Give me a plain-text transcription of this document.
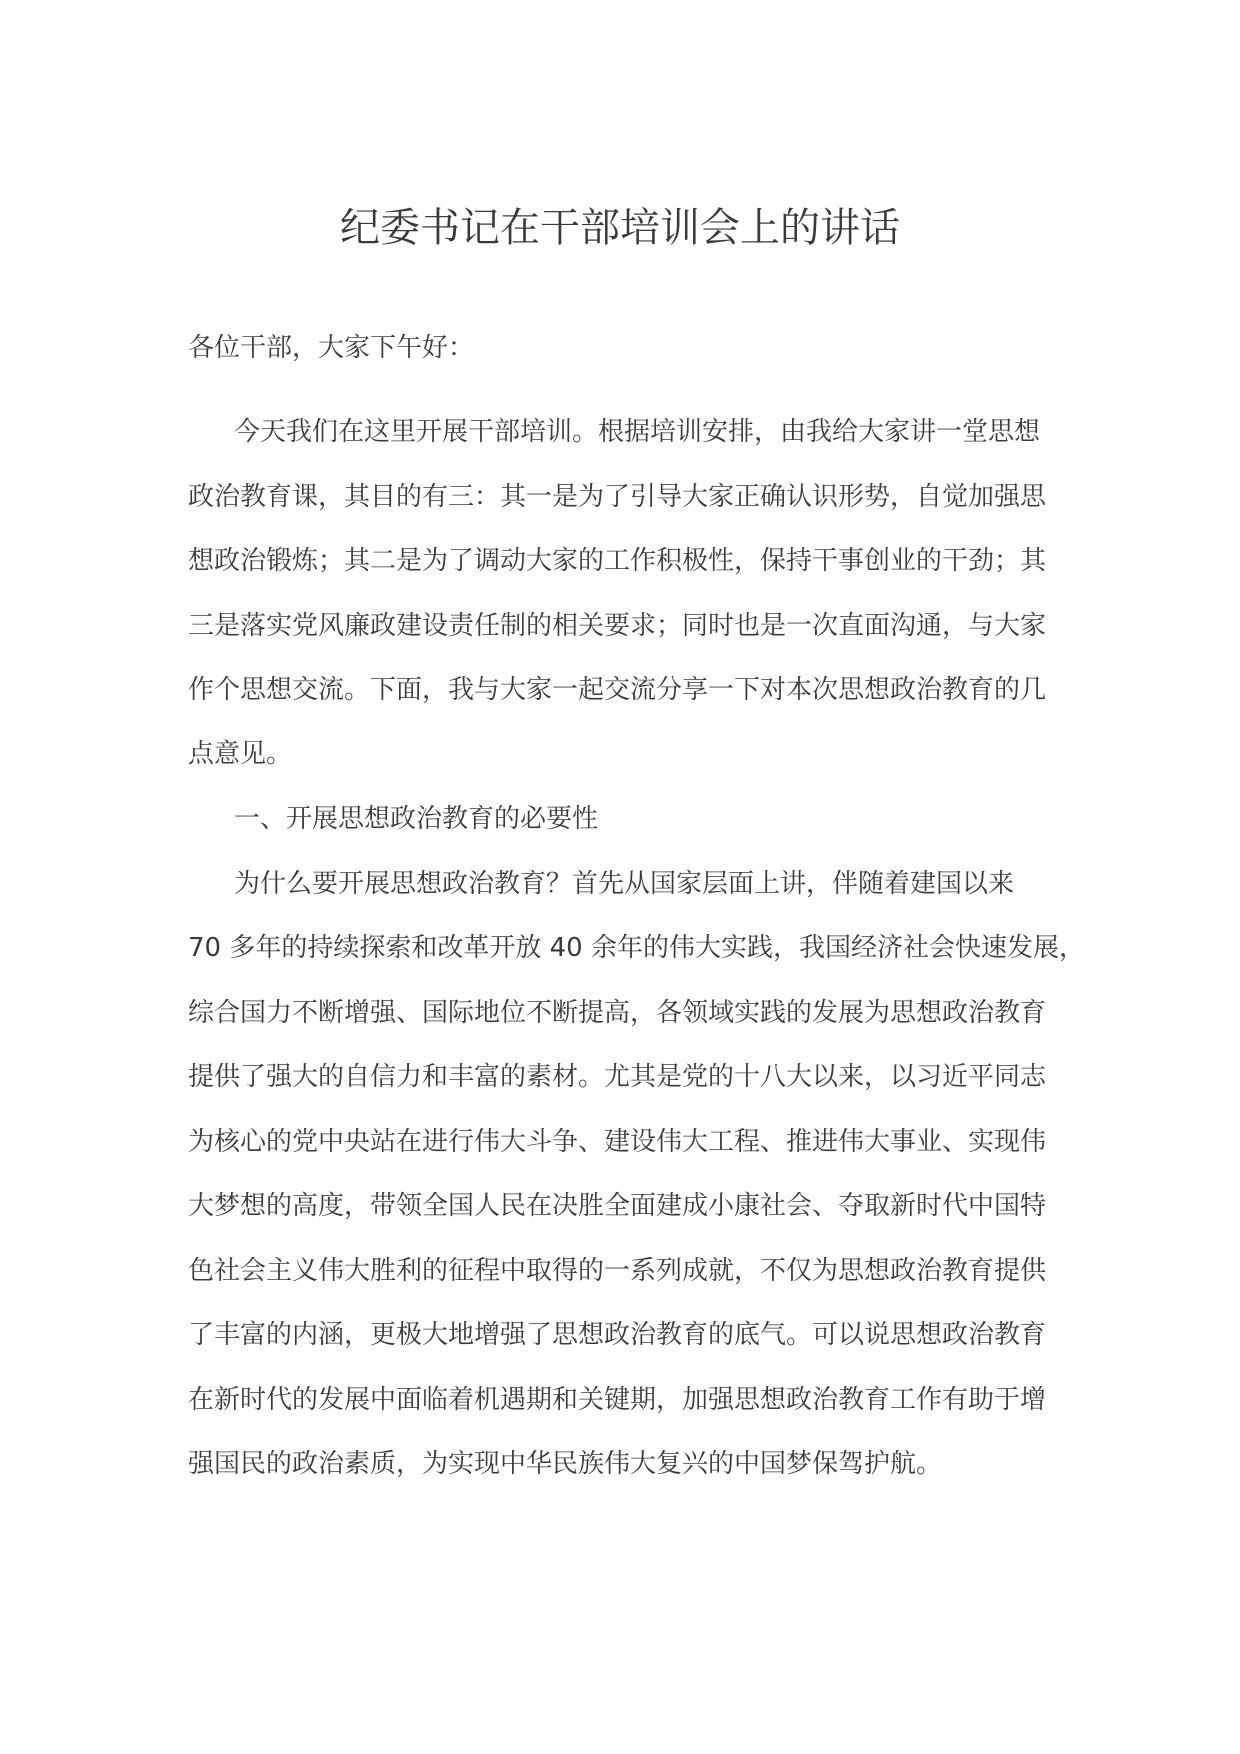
纪委书记在干部培训会上的讲话
各位干部，大家下午好：
今天我们在这里开展干部培训。根据培训安排，由我给大家讲一堂思想
政治教育课，其目的有三：其一是为了引导大家正确认识形势，自觉加强思
想政治锻炼；其二是为了调动大家的工作积极性，保持干事创业的干劲；其
三是落实党风廉政建设责任制的相关要求；同时也是一次直面沟通，与大家
作个思想交流。下面，我与大家一起交流分享一下对本次思想政治教育的几
点意见。
一、开展思想政治教育的必要性
为什么要开展思想政治教育？首先从国家层面上讲，伴随着建国以来
70 多年的持续探索和改革开放 40 余年的伟大实践，我国经济社会快速发展，
综合国力不断增强、国际地位不断提高，各领域实践的发展为思想政治教育
提供了强大的自信力和丰富的素材。尤其是党的十八大以来，以习近平同志
为核心的党中央站在进行伟大斗争、建设伟大工程、推进伟大事业、实现伟
大梦想的高度，带领全国人民在决胜全面建成小康社会、夺取新时代中国特
色社会主义伟大胜利的征程中取得的一系列成就，不仅为思想政治教育提供
了丰富的内涵，更极大地增强了思想政治教育的底气。可以说思想政治教育
在新时代的发展中面临着机遇期和关键期，加强思想政治教育工作有助于增
强国民的政治素质，为实现中华民族伟大复兴的中国梦保驾护航。
